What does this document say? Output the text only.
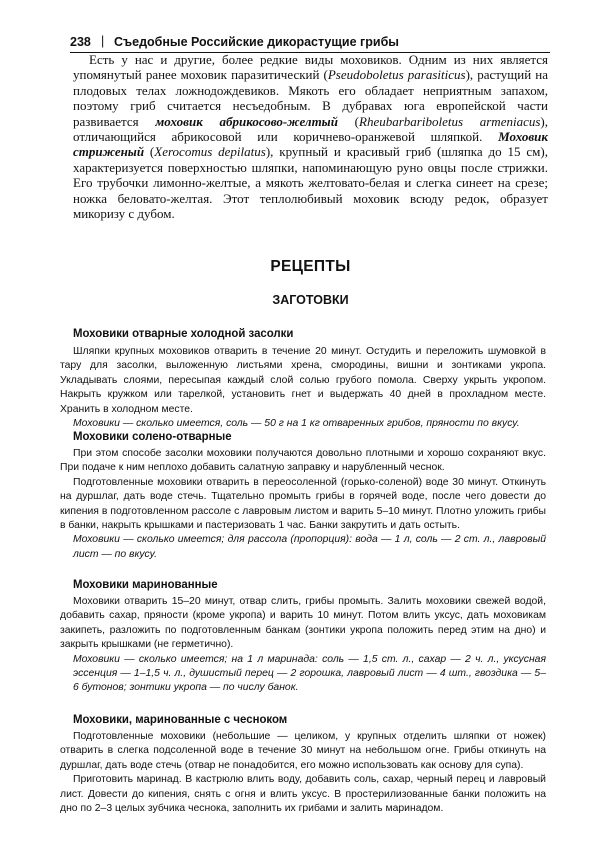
238 | Съедобные Российские дикорастущие грибы

Есть у нас и другие, более редкие виды моховиков. Одним из них является упомянутый ранее моховик паразитический (Pseudoboletus parasiticus), растущий на плодовых телах ложнодождевиков. Мякоть его обладает неприятным запахом, поэтому гриб считается несъедобным. В дубравах юга европейской части развивается моховик абрикосово-желтый (Rheubarbariboletus armeniacus), отличающийся абрикосовой или коричнево-оранжевой шляпкой. Моховик стриженый (Xerocomus depilatus), крупный и красивый гриб (шляпка до 15 см), характеризуется поверхностью шляпки, напоминающую руно овцы после стрижки. Его трубочки лимонно-желтые, а мякоть желтовато-белая и слегка синеет на срезе; ножка беловато-желтая. Этот теплолюбивый моховик всюду редок, образует микоризу с дубом.

РЕЦЕПТЫ
ЗАГОТОВКИ
Моховики отварные холодной засолки

Шляпки крупных моховиков отварить в течение 20 минут. Остудить и переложить шумовкой в тару для засолки, выложенную листьями хрена, смородины, вишни и зонтиками укропа. Укладывать слоями, пересыпая каждый слой солью грубого помола. Сверху укрыть укропом. Накрыть кружком или тарелкой, установить гнет и выдержать 40 дней в прохладном месте. Хранить в холодном месте.

Моховики — сколько имеется, соль — 50 г на 1 кг отваренных грибов, пряности по вкусу.

Моховики солено-отварные

При этом способе засолки моховики получаются довольно плотными и хорошо сохраняют вкус. При подаче к ним неплохо добавить салатную заправку и нарубленный чеснок.

Подготовленные моховики отварить в переосоленной (горько-соленой) воде 30 минут. Откинуть на дуршлаг, дать воде стечь. Тщательно промыть грибы в горячей воде, после чего довести до кипения в подготовленном рассоле с лавровым листом и варить 5–10 минут. Плотно уложить грибы в банки, накрыть крышками и пастеризовать 1 час. Банки закрутить и дать остыть.

Моховики — сколько имеется; для рассола (пропорция): вода — 1 л, соль — 2 ст. л., лавровый лист — по вкусу.

Моховики маринованные

Моховики отварить 15–20 минут, отвар слить, грибы промыть. Залить моховики свежей водой, добавить сахар, пряности (кроме укропа) и варить 10 минут. Потом влить уксус, дать моховикам закипеть, разложить по подготовленным банкам (зонтики укропа положить перед этим на дно) и закрыть крышками (не герметично).

Моховики — сколько имеется; на 1 л маринада: соль — 1,5 ст. л., сахар — 2 ч. л., уксусная эссенция — 1–1,5 ч. л., душистый перец — 2 горошка, лавровый лист — 4 шт., гвоздика — 5–6 бутонов; зонтики укропа — по числу банок.

Моховики, маринованные с чесноком

Подготовленные моховики (небольшие — целиком, у крупных отделить шляпки от ножек) отварить в слегка подсоленной воде в течение 30 минут на небольшом огне. Грибы откинуть на дуршлаг, дать воде стечь (отвар не понадобится, его можно использовать как основу для супа).

Приготовить маринад. В кастрюлю влить воду, добавить соль, сахар, черный перец и лавровый лист. Довести до кипения, снять с огня и влить уксус. В простерилизованные банки положить на дно по 2–3 целых зубчика чеснока, заполнить их грибами и залить маринадом.
